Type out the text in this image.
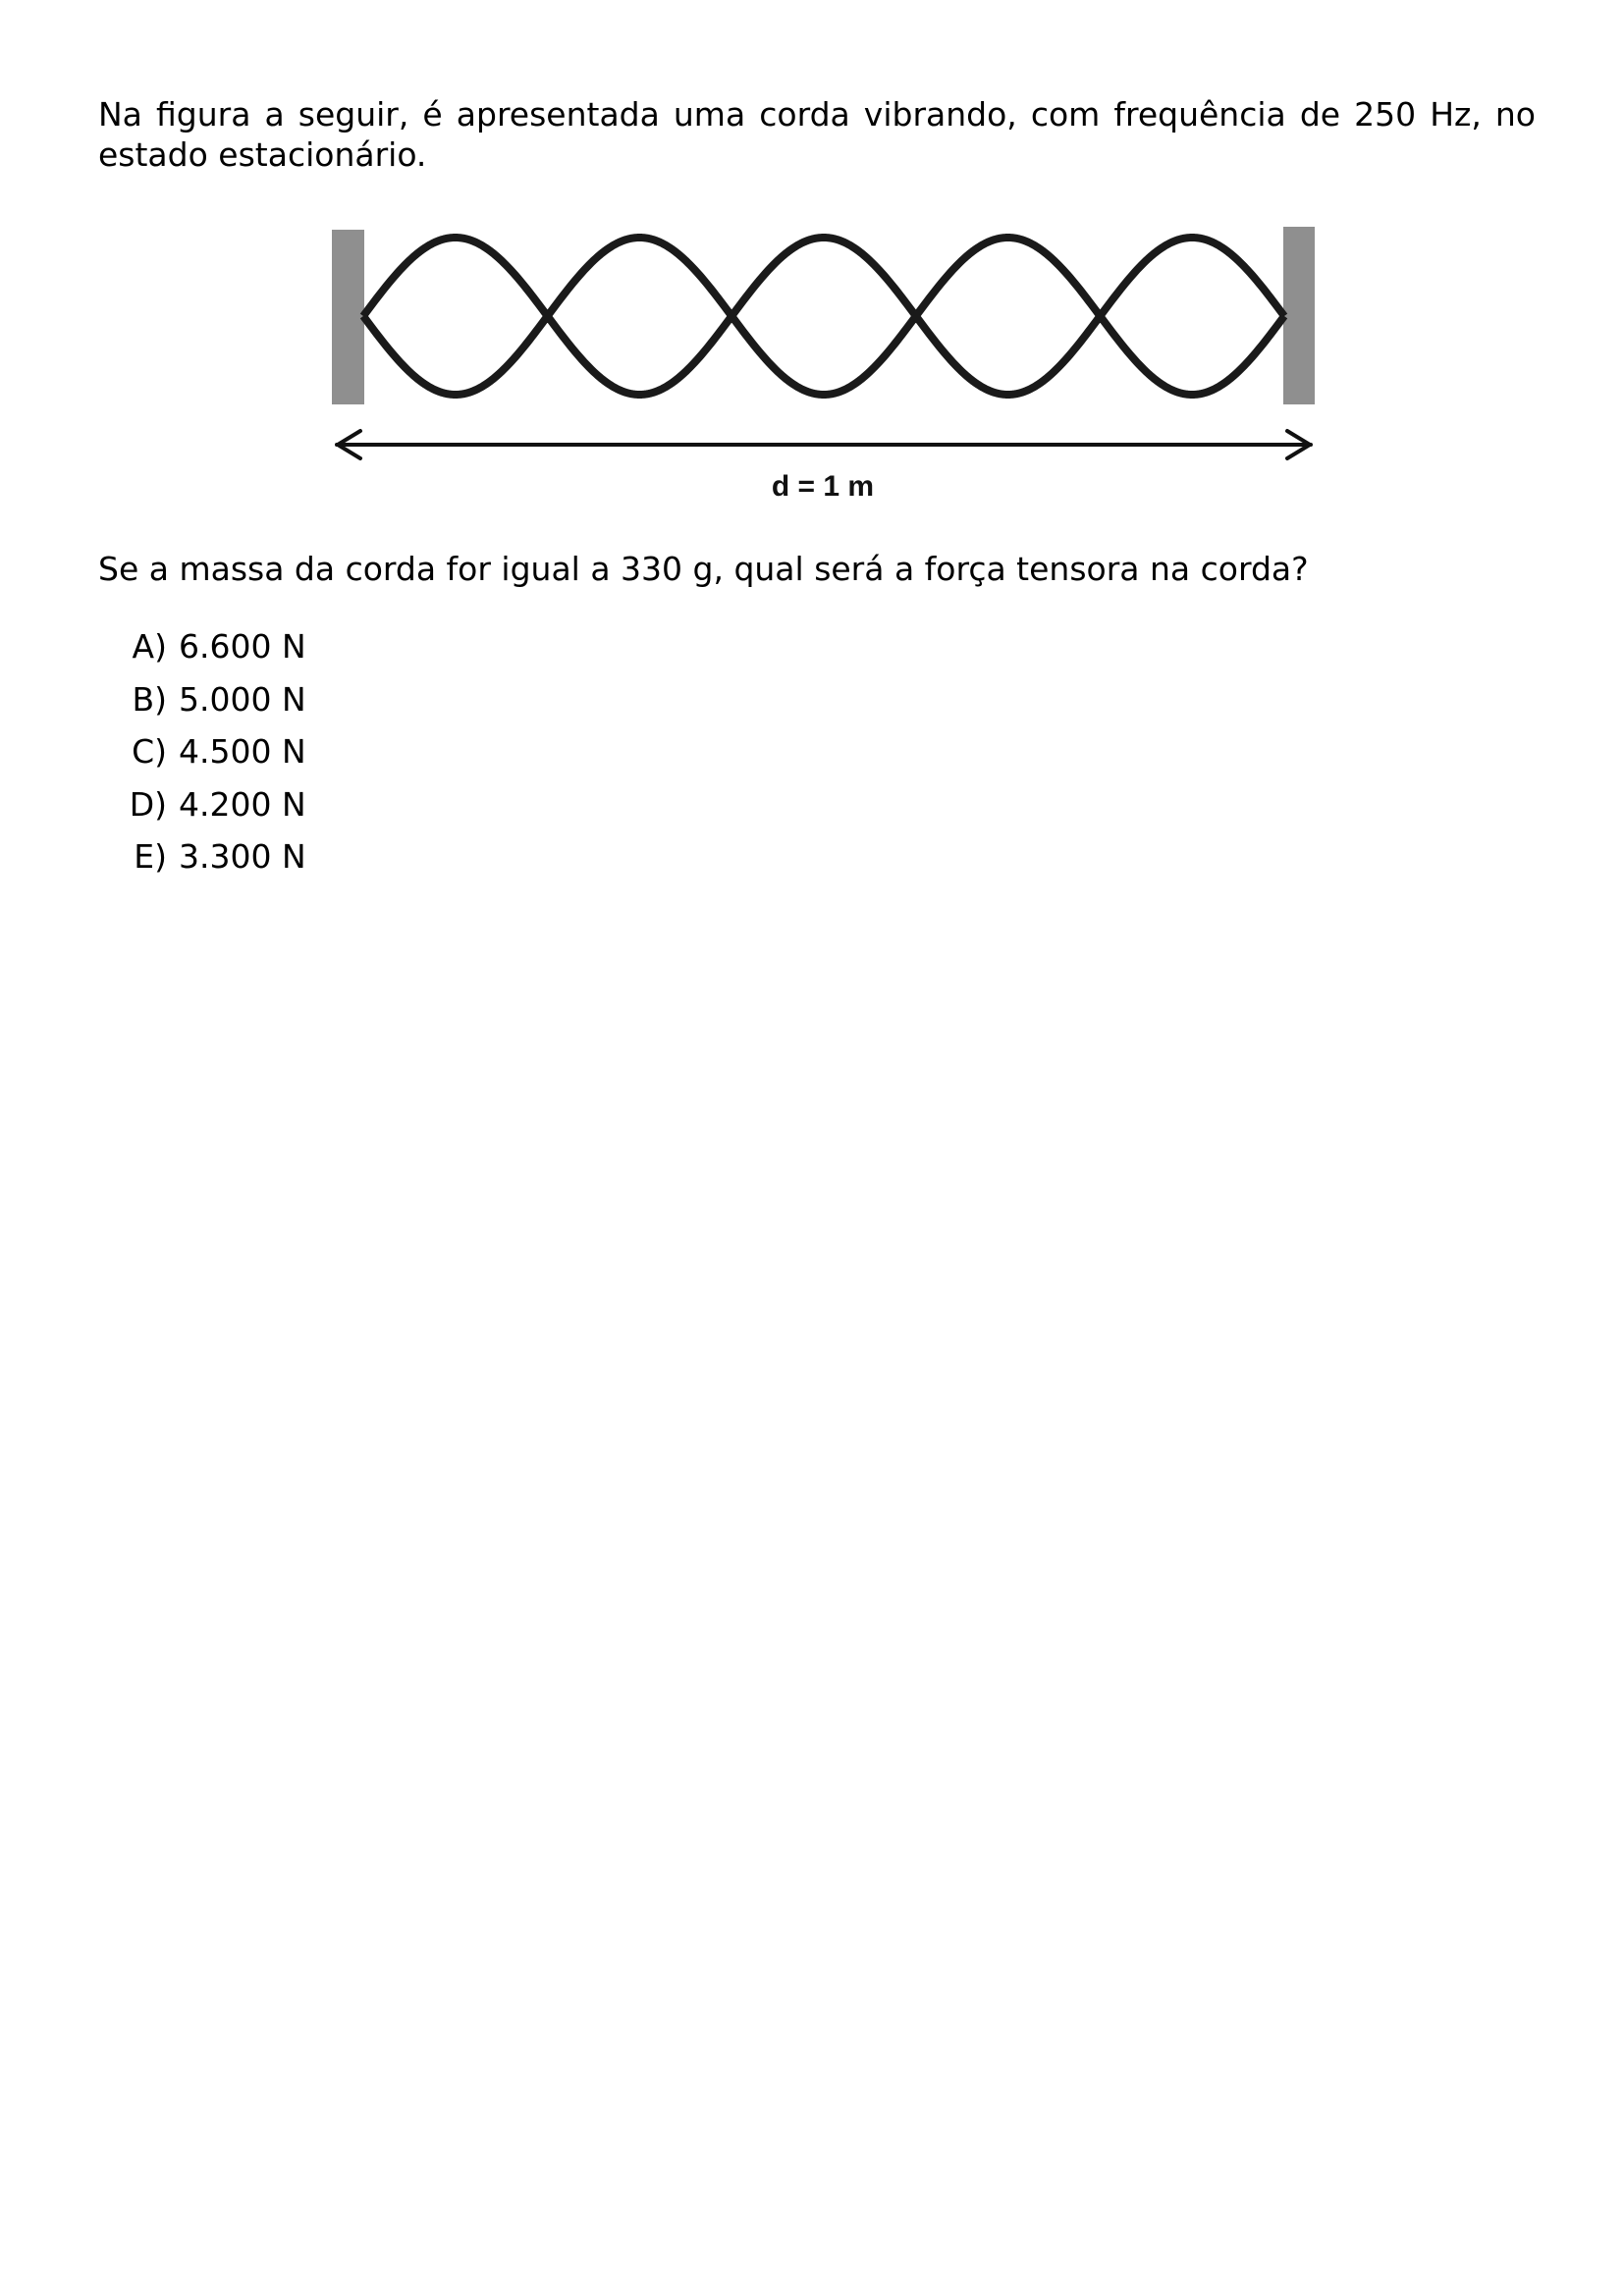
Na figura a seguir, é apresentada uma corda vibrando, com frequência de 250 Hz, no estado estacionário.

d = 1 m

Se a massa da corda for igual a 330 g, qual será a força tensora na corda?

A) 6.600 N
B) 5.000 N
C) 4.500 N
D) 4.200 N
E) 3.300 N
